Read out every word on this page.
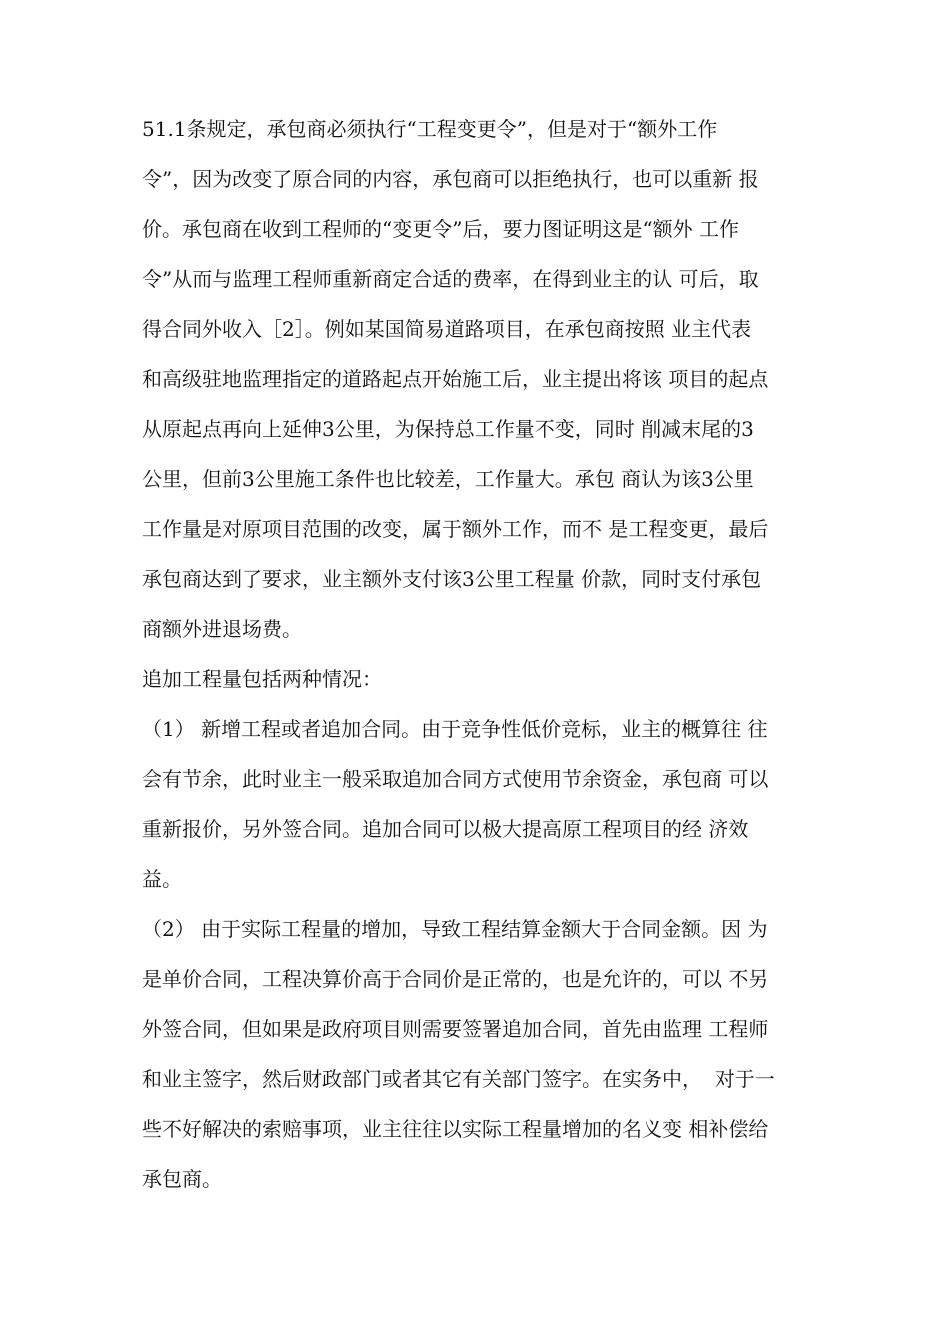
51.1条规定，承包商必须执行“工程变更令”，但是对于“额外工作
令”，因为改变了原合同的内容，承包商可以拒绝执行，也可以重新 报
价。承包商在收到工程师的“变更令”后，要力图证明这是“额外 工作
令”从而与监理工程师重新商定合适的费率，在得到业主的认 可后，取
得合同外收入［2］。例如某国简易道路项目，在承包商按照 业主代表
和高级驻地监理指定的道路起点开始施工后，业主提出将该 项目的起点
从原起点再向上延伸3公里，为保持总工作量不变，同时 削减末尾的3
公里，但前3公里施工条件也比较差，工作量大。承包 商认为该3公里
工作量是对原项目范围的改变，属于额外工作，而不 是工程变更，最后
承包商达到了要求，业主额外支付该3公里工程量 价款，同时支付承包
商额外进退场费。
追加工程量包括两种情况：
（1） 新增工程或者追加合同。由于竞争性低价竞标，业主的概算往 往
会有节余，此时业主一般采取追加合同方式使用节余资金，承包商 可以
重新报价，另外签合同。追加合同可以极大提高原工程项目的经 济效
益。
（2） 由于实际工程量的增加，导致工程结算金额大于合同金额。因 为
是单价合同，工程决算价高于合同价是正常的，也是允许的，可以 不另
外签合同，但如果是政府项目则需要签署追加合同，首先由监理 工程师
和业主签字，然后财政部门或者其它有关部门签字。在实务中，  对于一
些不好解决的索赔事项，业主往往以实际工程量增加的名义变 相补偿给
承包商。
